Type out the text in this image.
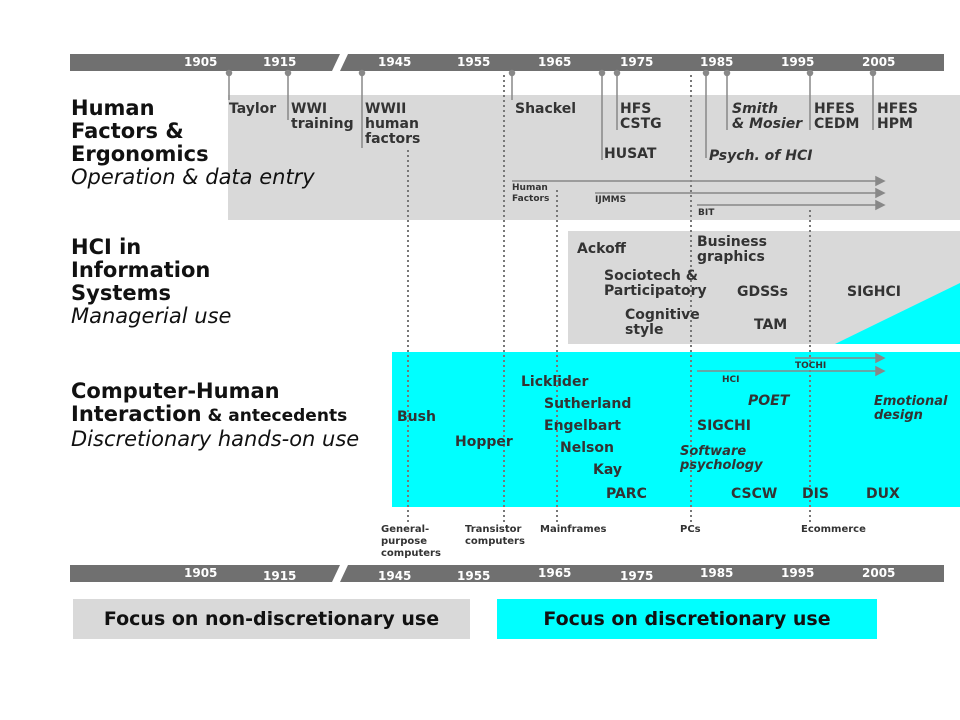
1905	1915	1945	1955	1965	1975	1985	1995	2005
1905	1915	1945	1955	1965	1975	1985	1995	2005
Human
Factors &
Ergonomics
Operation & data entry
HCI in
Information
Systems
Managerial use
Computer-Human
Interaction & antecedents
Discretionary hands-on use
Taylor WWI
training
WWII
human
factors
Shackel	HFS
CSTG
HUSAT
Smith
& Mosier
Psych. of HCI
HFES
CEDM
HFES
HPM
Human
Factors	IJMMS
BIT
Ackoff	Business
graphics
Sociotech &
Participatory GDSSs	SIGHCI
Cognitive
style	TAM
Bush
Hopper
Licklider
Sutherland
Engelbart
Nelson
Kay
PARC
TOCHI
HCI
POET
SIGCHI
Software
psychology
Emotional
design
CSCW DIS	DUX
General-
purpose
computers
Transistor
computers
Mainframes	PCs	Ecommerce
Focus on non-discretionary use	Focus on discretionary use
